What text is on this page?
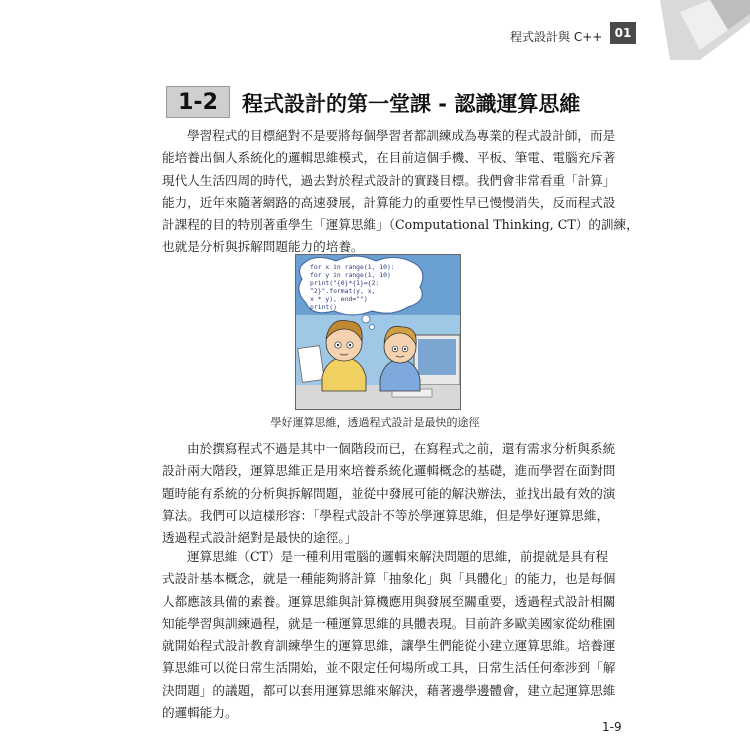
程式設計與 C++	01
1-2	程式設計的第一堂課 - 認識運算思維
學習程式的目標絕對不是要將每個學習者都訓練成為專業的程式設計師，而是
能培養出個人系統化的邏輯思維模式，在目前這個手機、平板、筆電、電腦充斥著
現代人生活四周的時代，過去對於程式設計的實踐目標。我們會非常看重「計算」
能力，近年來隨著網路的高速發展，計算能力的重要性早已慢慢消失，反而程式設
計課程的目的特別著重學生「運算思維」（Computational Thinking, CT）的訓練，
也就是分析與拆解問題能力的培養。
for x in range(1, 10):
for y in range(1, 10)
print("{0}*{1}={2:
^2}".format(y, x,
x * y), end="")
print()
學好運算思維，透過程式設計是最快的途徑
由於撰寫程式不過是其中一個階段而已，在寫程式之前，還有需求分析與系統
設計兩大階段，運算思維正是用來培養系統化邏輯概念的基礎，進而學習在面對問
題時能有系統的分析與拆解問題，並從中發展可能的解決辦法，並找出最有效的演
算法。我們可以這樣形容：「學程式設計不等於學運算思維，但是學好運算思維，
透過程式設計絕對是最快的途徑。」
運算思維（CT）是一種利用電腦的邏輯來解決問題的思維，前提就是具有程
式設計基本概念，就是一種能夠將計算「抽象化」與「具體化」的能力，也是每個
人都應該具備的素養。運算思維與計算機應用與發展至關重要，透過程式設計相關
知能學習與訓練過程，就是一種運算思維的具體表現。目前許多歐美國家從幼稚園
就開始程式設計教育訓練學生的運算思維，讓學生們能從小建立運算思維。培養運
算思維可以從日常生活開始，並不限定任何場所或工具，日常生活任何牽涉到「解
決問題」的議題，都可以套用運算思維來解決，藉著邊學邊體會，建立起運算思維
的邏輯能力。
1-9
